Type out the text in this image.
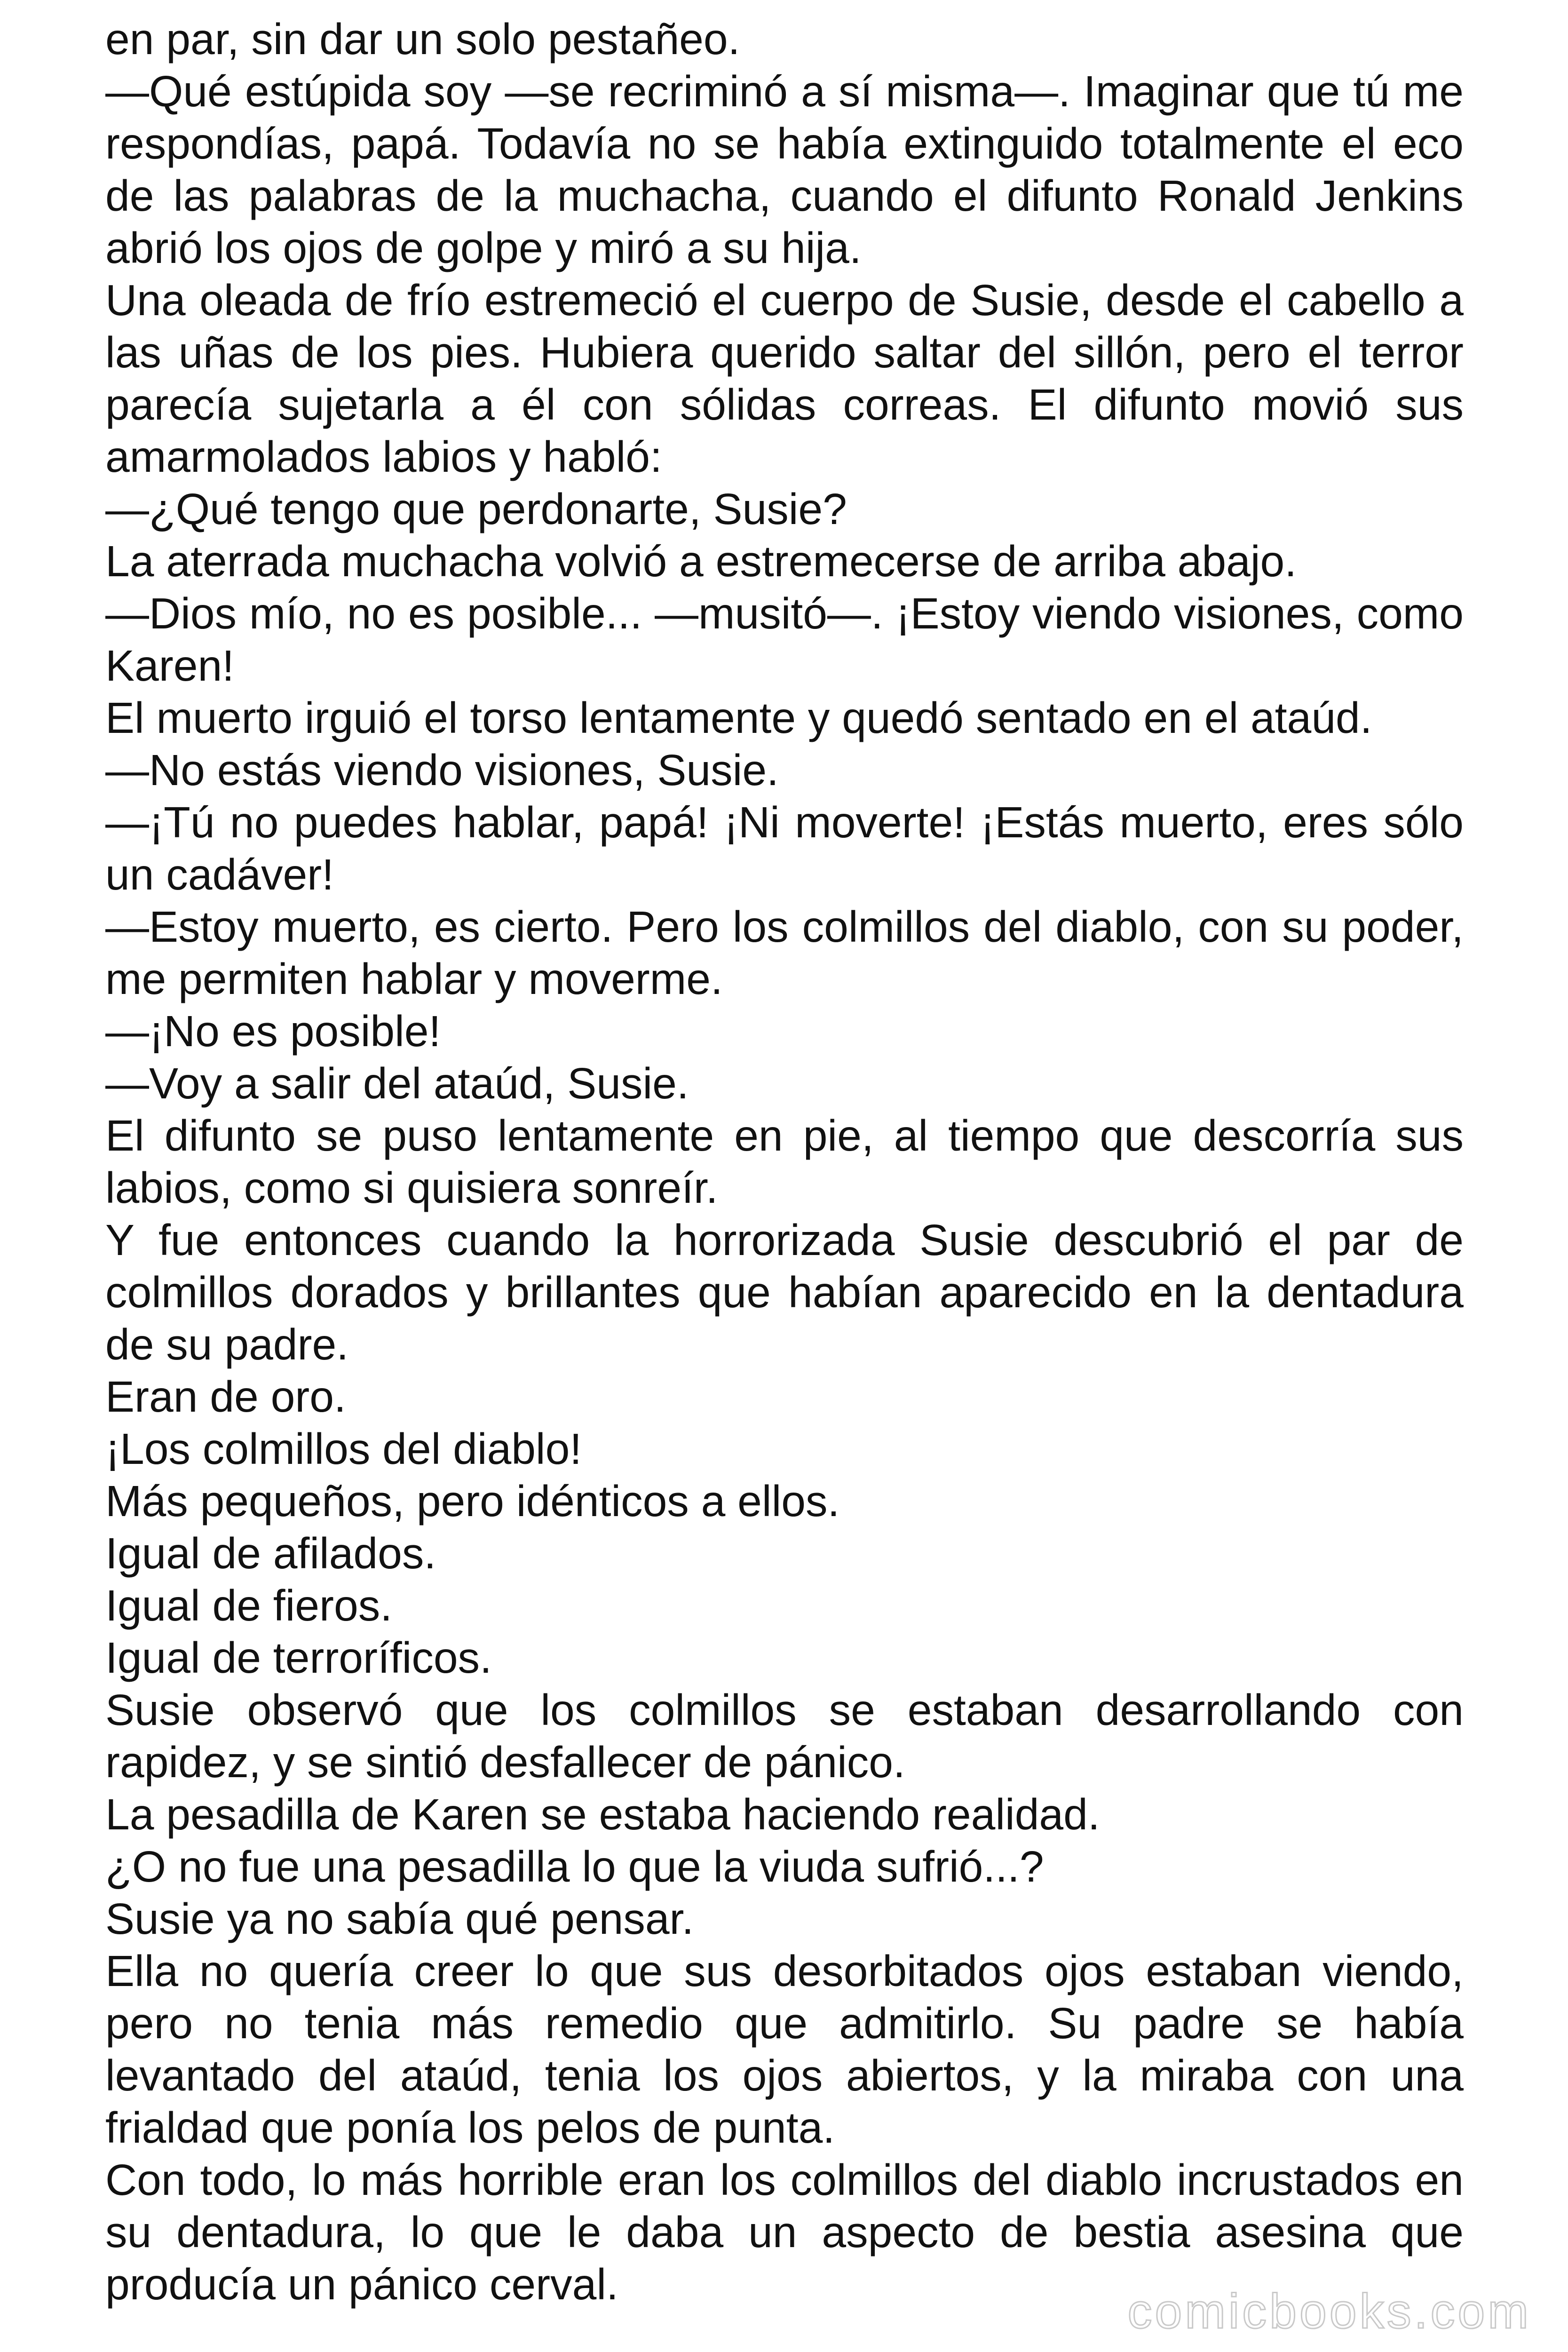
en par, sin dar un solo pestañeo.

—Qué estúpida soy —se recriminó a sí misma—. Imaginar que tú me respondías, papá. Todavía no se había extinguido totalmente el eco de las palabras de la muchacha, cuando el difunto Ronald Jenkins abrió los ojos de golpe y miró a su hija.

Una oleada de frío estremeció el cuerpo de Susie, desde el cabello a las uñas de los pies. Hubiera querido saltar del sillón, pero el terror parecía sujetarla a él con sólidas correas. El difunto movió sus amarmolados labios y habló:

—¿Qué tengo que perdonarte, Susie?

La aterrada muchacha volvió a estremecerse de arriba abajo.

—Dios mío, no es posible... —musitó—. ¡Estoy viendo visiones, como Karen!

El muerto irguió el torso lentamente y quedó sentado en el ataúd.

—No estás viendo visiones, Susie.

—¡Tú no puedes hablar, papá! ¡Ni moverte! ¡Estás muerto, eres sólo un cadáver!

—Estoy muerto, es cierto. Pero los colmillos del diablo, con su poder, me permiten hablar y moverme.

—¡No es posible!

—Voy a salir del ataúd, Susie.

El difunto se puso lentamente en pie, al tiempo que descorría sus labios, como si quisiera sonreír.

Y fue entonces cuando la horrorizada Susie descubrió el par de colmillos dorados y brillantes que habían aparecido en la dentadura de su padre.

Eran de oro.

¡Los colmillos del diablo!

Más pequeños, pero idénticos a ellos.

Igual de afilados.

Igual de fieros.

Igual de terroríficos.

Susie observó que los colmillos se estaban desarrollando con rapidez, y se sintió desfallecer de pánico.

La pesadilla de Karen se estaba haciendo realidad.

¿O no fue una pesadilla lo que la viuda sufrió...?

Susie ya no sabía qué pensar.

Ella no quería creer lo que sus desorbitados ojos estaban viendo, pero no tenia más remedio que admitirlo. Su padre se había levantado del ataúd, tenia los ojos abiertos, y la miraba con una frialdad que ponía los pelos de punta.

Con todo, lo más horrible eran los colmillos del diablo incrustados en su dentadura, lo que le daba un aspecto de bestia asesina que producía un pánico cerval.	comicbooks.com
